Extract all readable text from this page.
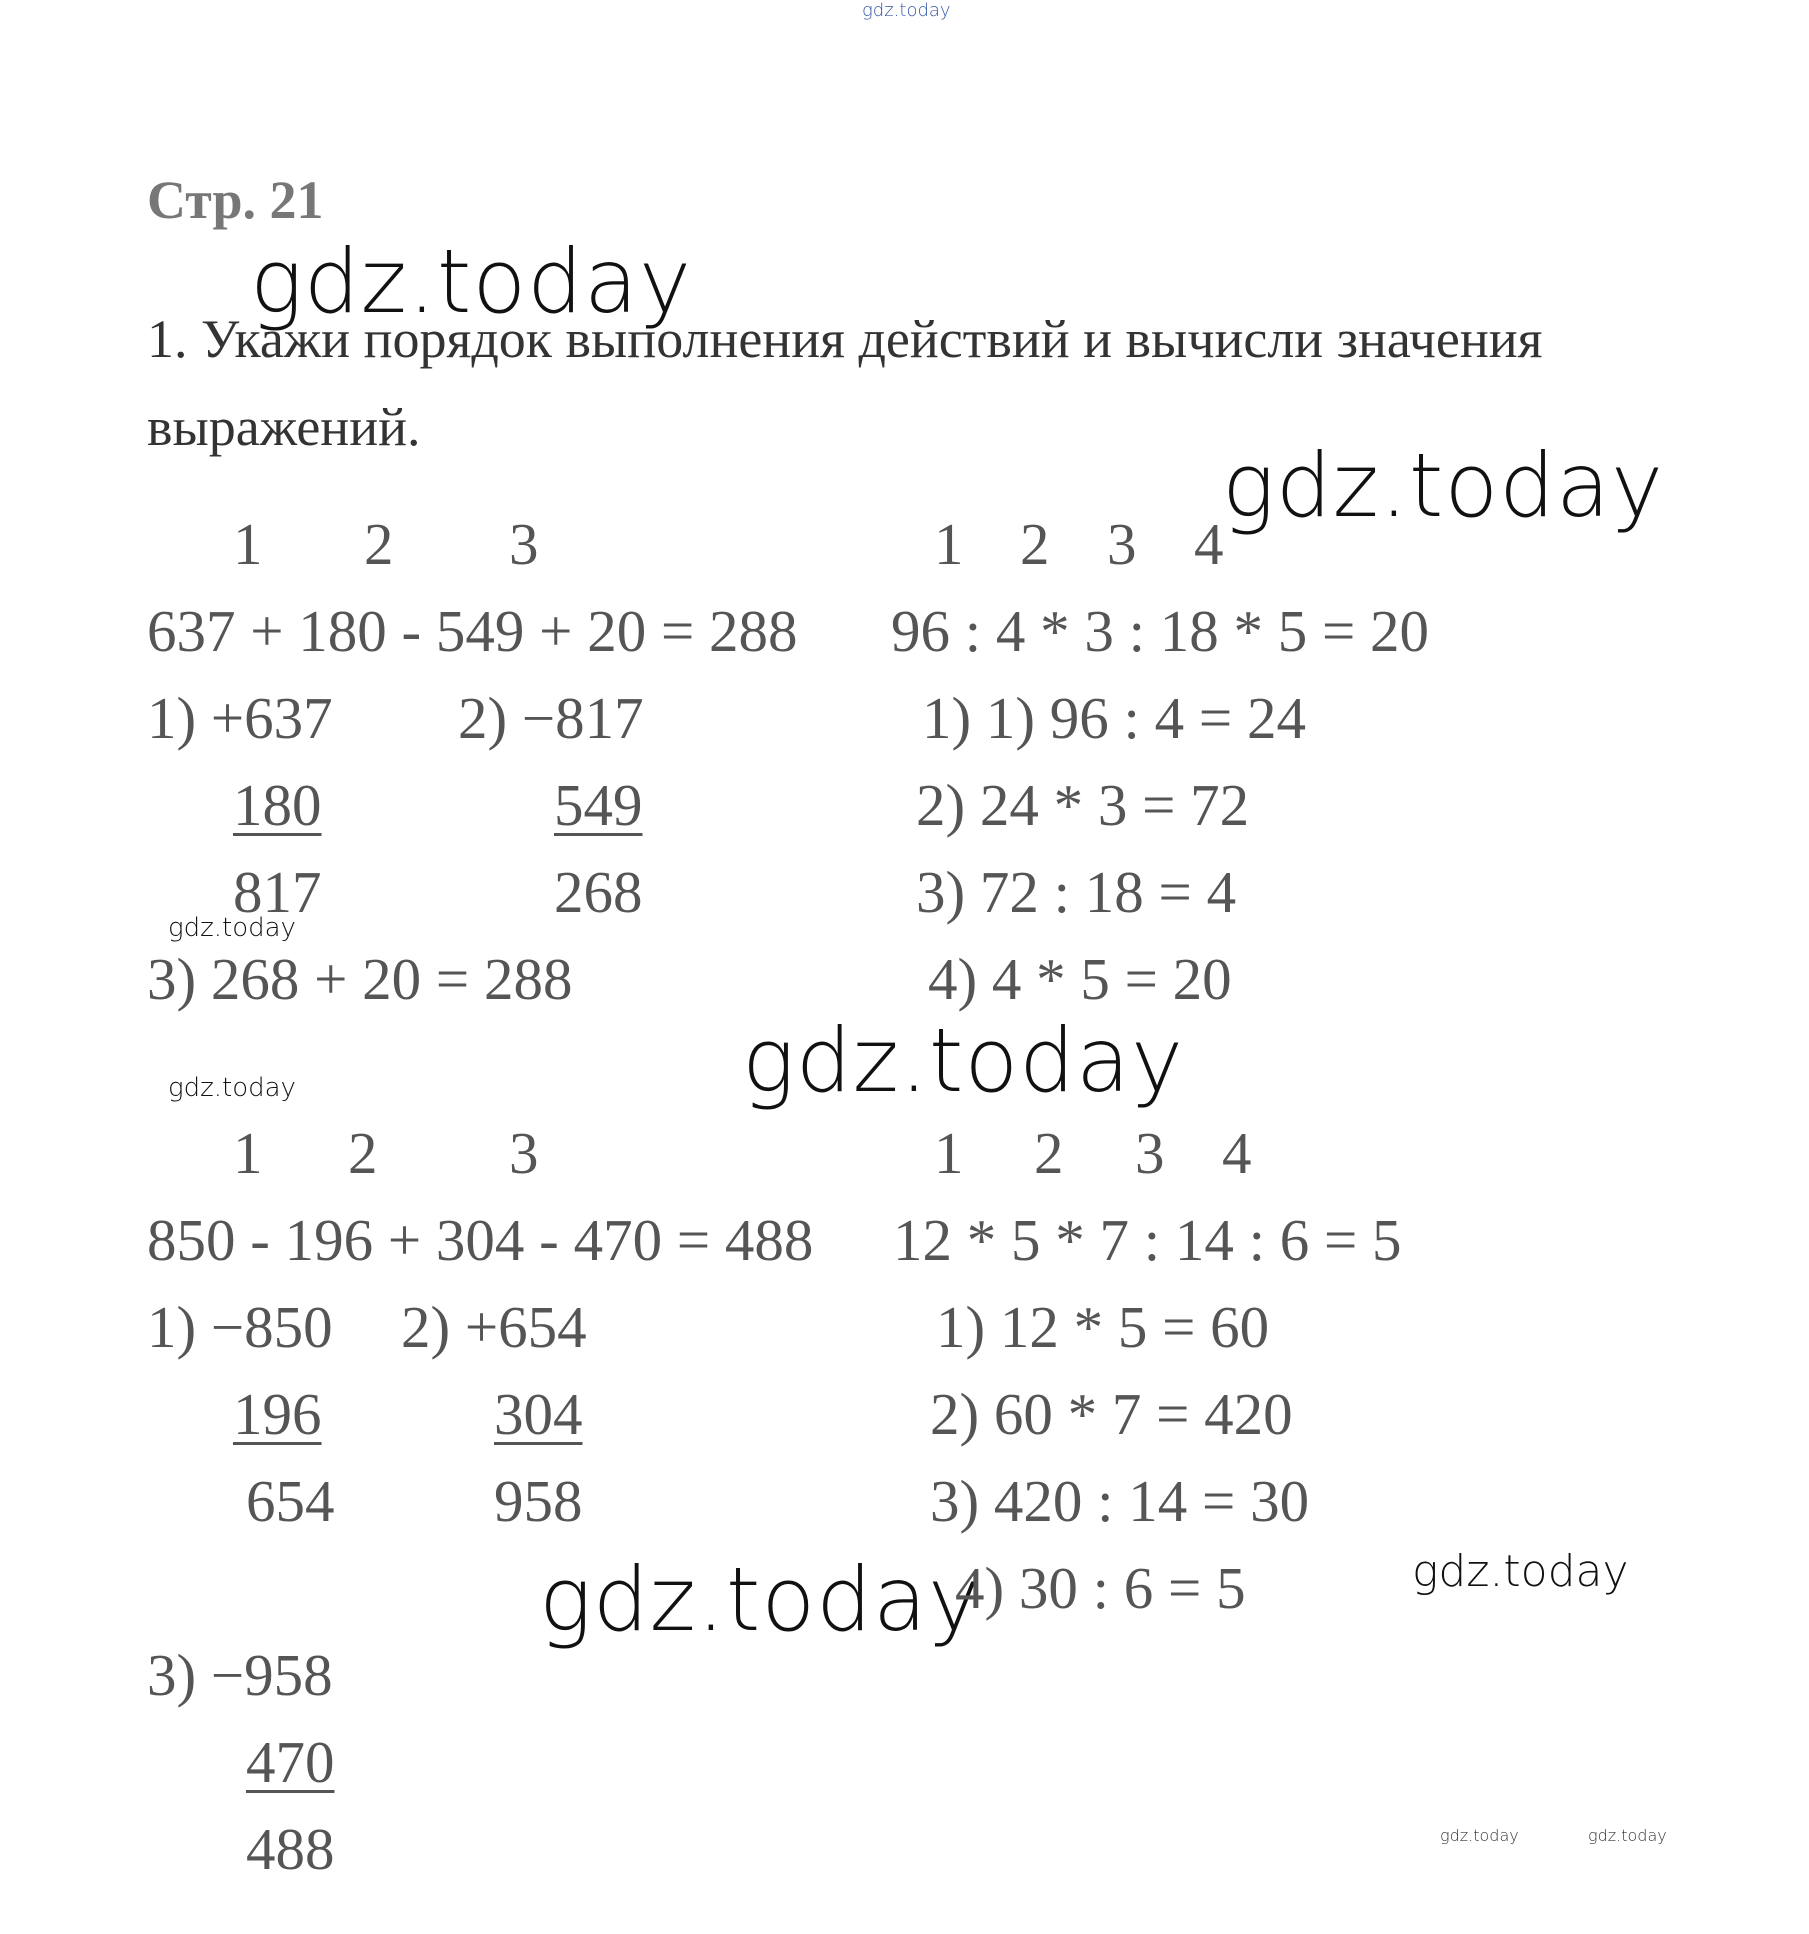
gdz.today
gdz.today
gdz.today
gdz.today
gdz.today
gdz.today
gdz.today
gdz.today
gdz.today	gdz.today
Стр. 21
1. Укажи порядок выполнения действий и вычисли значения
выражений.
1 2 3
637 + 180 - 549 + 20 = 288
1) +637
180
817
2) −817
549
268
3) 268 + 20 = 288
1 2 3 4
96 : 4 * 3 : 18 * 5 = 20
1) 1) 96 : 4 = 24
2) 24 * 3 = 72
3) 72 : 18 = 4
4) 4 * 5 = 20
1 2 3
850 - 196 + 304 - 470 = 488
1) −850
196
654
2) +654
304
958
3) −958
470
488
1 2 3 4
12 * 5 * 7 : 14 : 6 = 5
1) 12 * 5 = 60
2) 60 * 7 = 420
3) 420 : 14 = 30
4) 30 : 6 = 5
